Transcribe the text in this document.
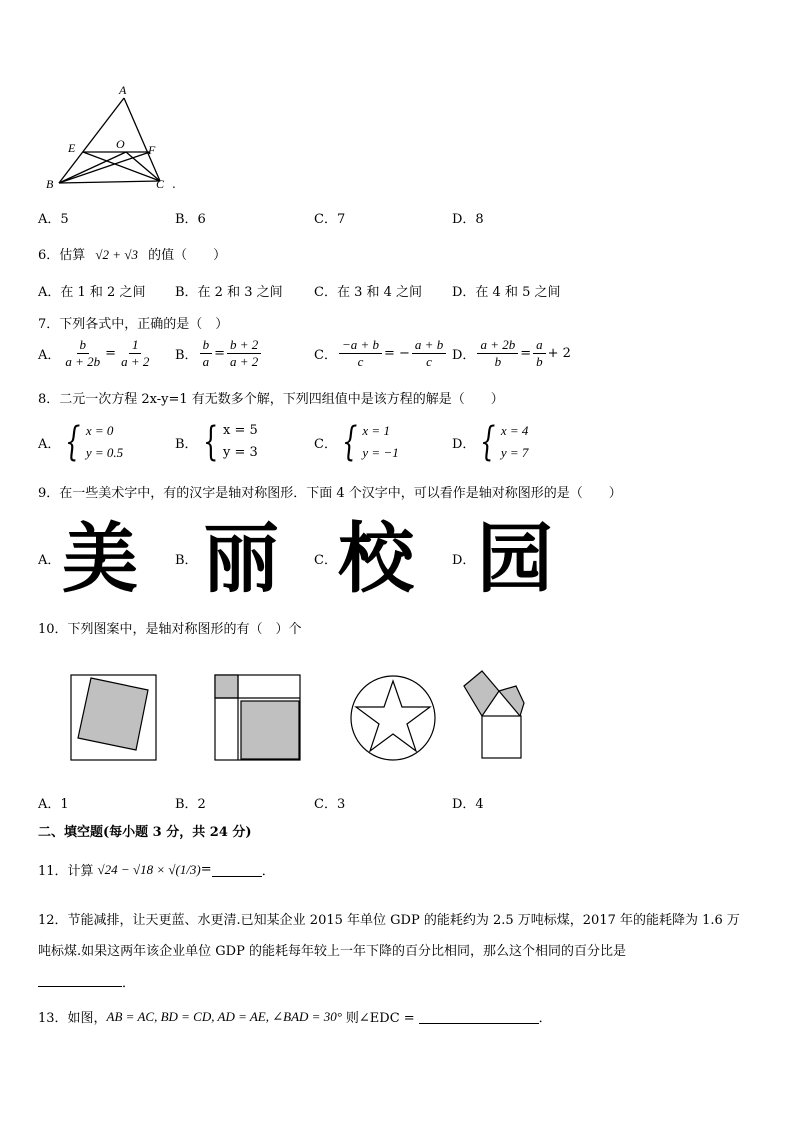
A
E	O F
B	C .
A．5	B．6	C．7	D．8
6．估算 √2 + √3 的值（　　）
A．在 1 和 2 之间 B．在 2 和 3 之间 C．在 3 和 4 之间 D．在 4 和 5 之间
7．下列各式中，正确的是（　）
A． $\frac{b}{a + 2b} = \frac{1}{a + 2}$ B． $\frac{b}{a} = \frac{b + 2}{a + 2}$	C． $\frac{-a + b}{c}$ = − $\frac{a + b}{c}$ D． $\frac{a + 2b}{b} = \frac{a}{b} + 2$
8．二元一次方程 2x-y=1 有无数多个解，下列四组值中是该方程的解是（　　）
A． { x = 0
y = 0.5
B． { x = 5
y = 3
C． { x = 1
y = −1
D． { x = 4
y = 7
9．在一些美术字中，有的汉字是轴对称图形．下面 4 个汉字中，可以看作是轴对称图形的是（　　）
A． 美	B． 丽	C． 校	D． 园
10．下列图案中，是轴对称图形的有（　）个
A．1	B．2	C．3	D．4
二、填空题(每小题 3 分，共 24 分)
11．计算 √24 − √18 × √(1/3) =	．
12．节能减排，让天更蓝、水更清.已知某企业 2015 年单位 GDP 的能耗约为 2.5 万吨标煤，2017 年的能耗降为 1.6 万
吨标煤.如果这两年该企业单位 GDP 的能耗每年较上一年下降的百分比相同，那么这个相同的百分比是
．
13．如图， AB = AC, BD = CD, AD = AE, ∠BAD = 30° 则∠EDC =	．
